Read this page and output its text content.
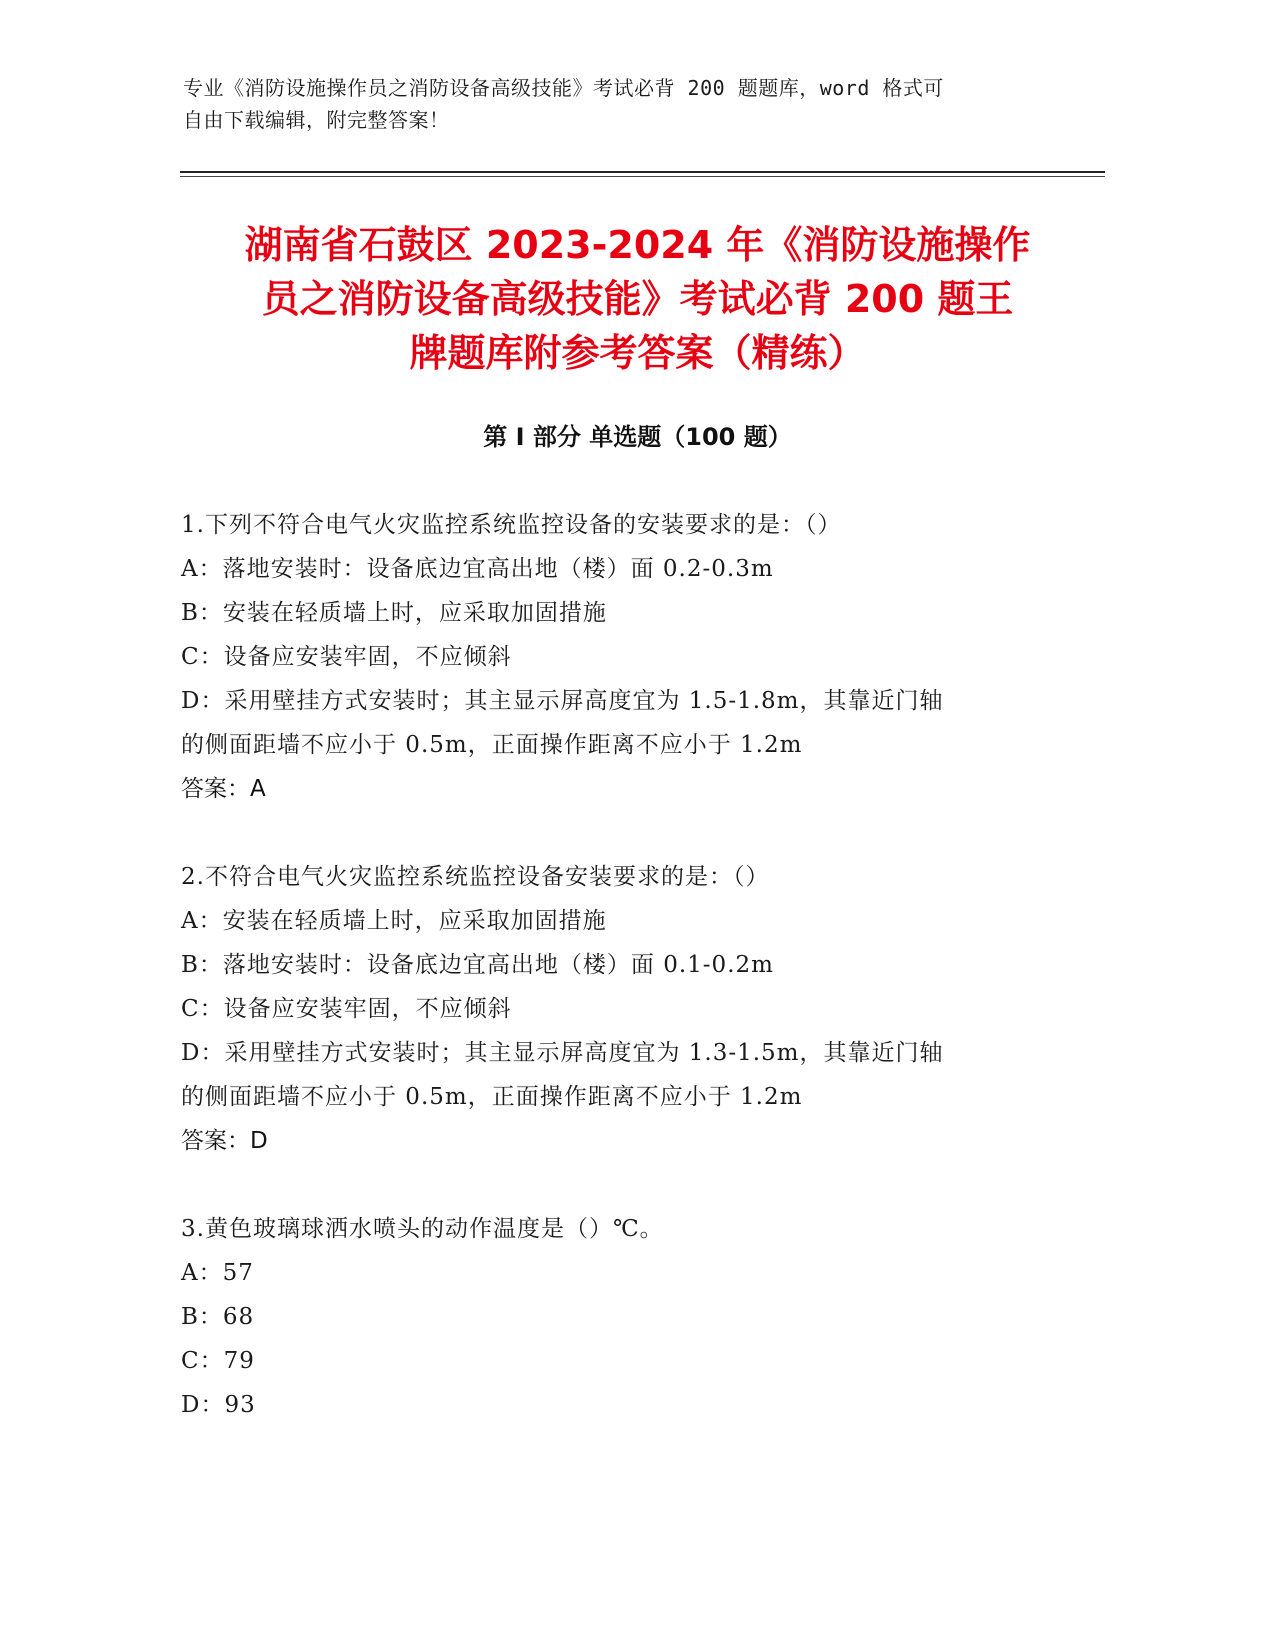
专业《消防设施操作员之消防设备高级技能》考试必背 200 题题库，word 格式可
自由下载编辑，附完整答案！
湖南省石鼓区 2023-2024 年《消防设施操作
员之消防设备高级技能》考试必背 200 题王
牌题库附参考答案（精练）
第 I 部分 单选题（100 题）
1.下列不符合电气火灾监控系统监控设备的安装要求的是：（）
A：落地安装时：设备底边宜高出地（楼）面 0.2-0.3m
B：安装在轻质墙上时，应采取加固措施
C：设备应安装牢固，不应倾斜
D：采用壁挂方式安装时；其主显示屏高度宜为 1.5-1.8m，其靠近门轴
的侧面距墙不应小于 0.5m，正面操作距离不应小于 1.2m
答案：A
2.不符合电气火灾监控系统监控设备安装要求的是：（）
A：安装在轻质墙上时，应采取加固措施
B：落地安装时：设备底边宜高出地（楼）面 0.1-0.2m
C：设备应安装牢固，不应倾斜
D：采用壁挂方式安装时；其主显示屏高度宜为 1.3-1.5m，其靠近门轴
的侧面距墙不应小于 0.5m，正面操作距离不应小于 1.2m
答案：D
3.黄色玻璃球洒水喷头的动作温度是（）℃。
A：57
B：68
C：79
D：93
